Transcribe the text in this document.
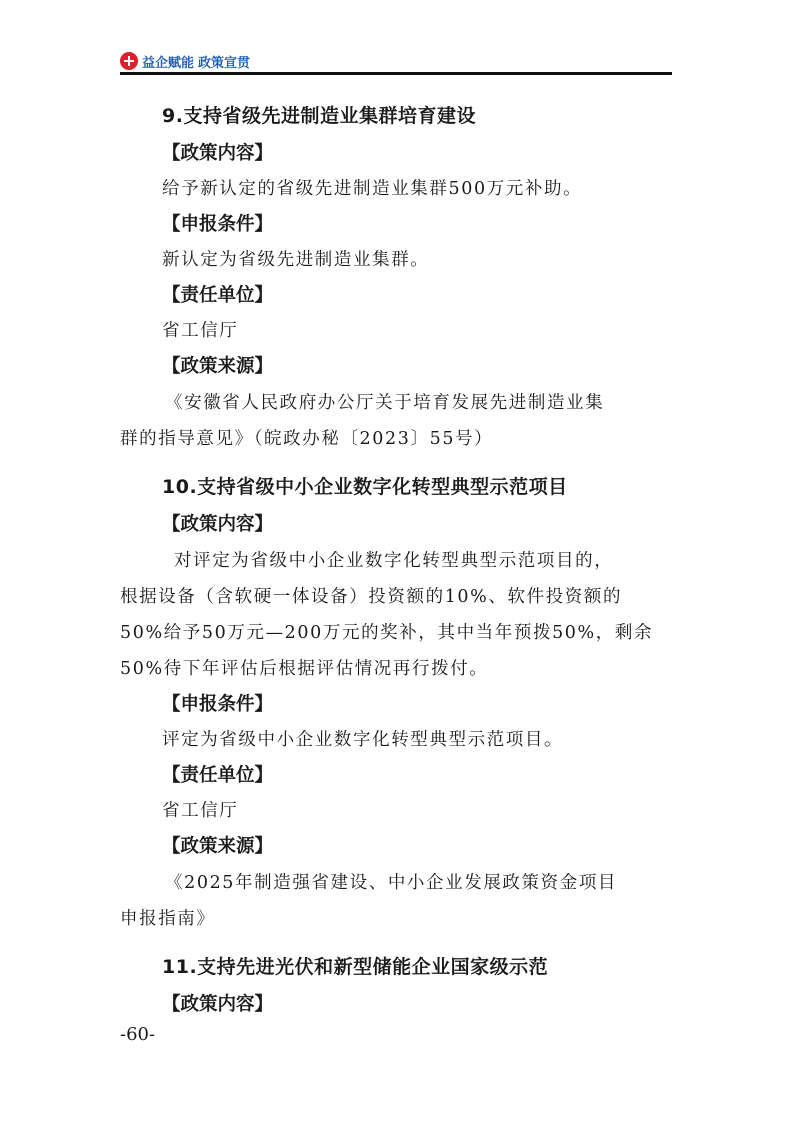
益企赋能 政策宣贯
9.支持省级先进制造业集群培育建设
【政策内容】
给予新认定的省级先进制造业集群500万元补助。
【申报条件】
新认定为省级先进制造业集群。
【责任单位】
省工信厅
【政策来源】
《安徽省人民政府办公厅关于培育发展先进制造业集
群的指导意见》（皖政办秘〔2023〕55号）
10.支持省级中小企业数字化转型典型示范项目
【政策内容】
对评定为省级中小企业数字化转型典型示范项目的，
根据设备（含软硬一体设备）投资额的10%、软件投资额的
50%给予50万元—200万元的奖补，其中当年预拨50%，剩余
50%待下年评估后根据评估情况再行拨付。
【申报条件】
评定为省级中小企业数字化转型典型示范项目。
【责任单位】
省工信厅
【政策来源】
《2025年制造强省建设、中小企业发展政策资金项目
申报指南》
11.支持先进光伏和新型储能企业国家级示范
【政策内容】
-60-
